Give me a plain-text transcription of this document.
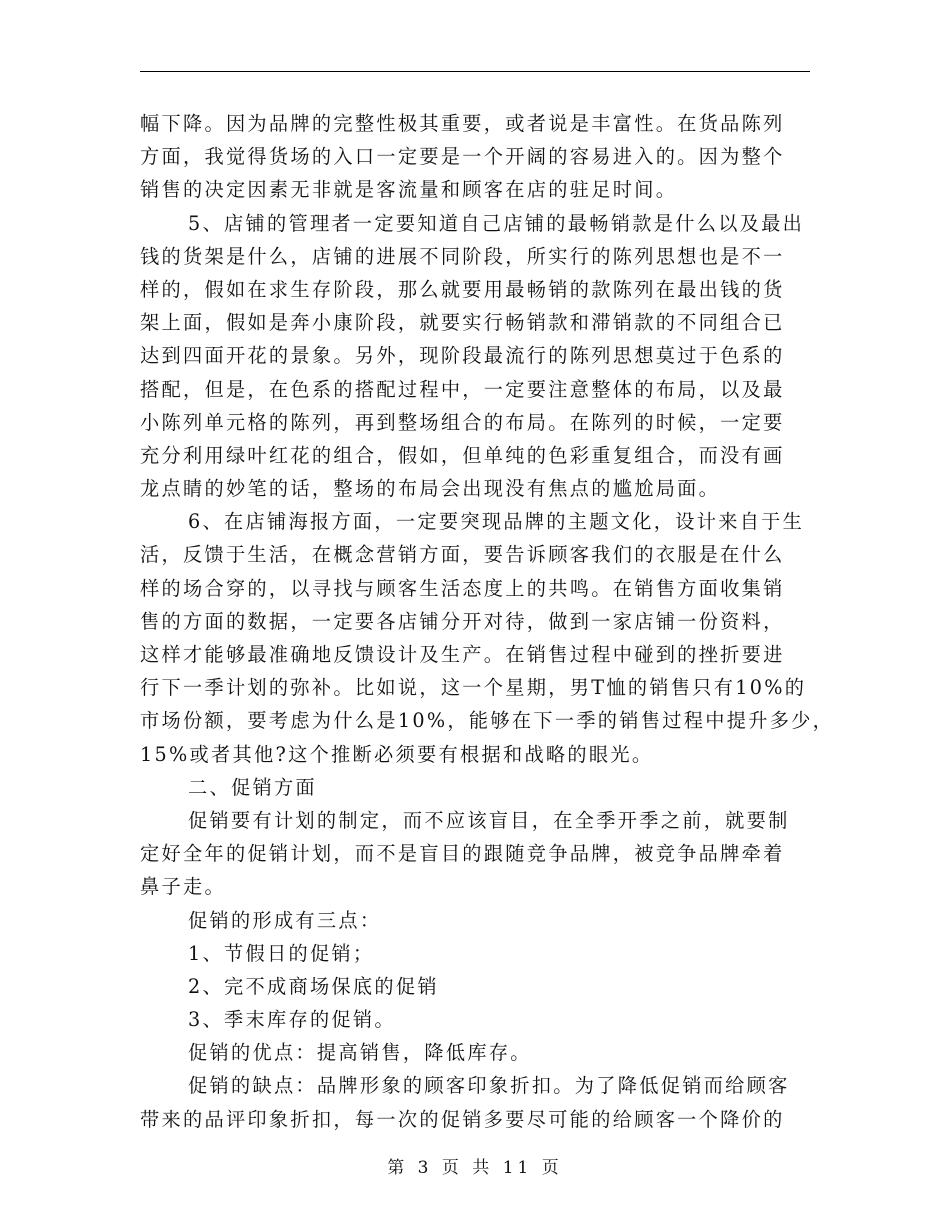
幅下降。因为品牌的完整性极其重要，或者说是丰富性。在货品陈列
方面，我觉得货场的入口一定要是一个开阔的容易进入的。因为整个
销售的决定因素无非就是客流量和顾客在店的驻足时间。
5、店铺的管理者一定要知道自己店铺的最畅销款是什么以及最出
钱的货架是什么，店铺的进展不同阶段，所实行的陈列思想也是不一
样的，假如在求生存阶段，那么就要用最畅销的款陈列在最出钱的货
架上面，假如是奔小康阶段，就要实行畅销款和滞销款的不同组合已
达到四面开花的景象。另外，现阶段最流行的陈列思想莫过于色系的
搭配，但是，在色系的搭配过程中，一定要注意整体的布局，以及最
小陈列单元格的陈列，再到整场组合的布局。在陈列的时候，一定要
充分利用绿叶红花的组合，假如，但单纯的色彩重复组合，而没有画
龙点睛的妙笔的话，整场的布局会出现没有焦点的尴尬局面。
6、在店铺海报方面，一定要突现品牌的主题文化，设计来自于生
活，反馈于生活，在概念营销方面，要告诉顾客我们的衣服是在什么
样的场合穿的，以寻找与顾客生活态度上的共鸣。在销售方面收集销
售的方面的数据，一定要各店铺分开对待，做到一家店铺一份资料，
这样才能够最准确地反馈设计及生产。在销售过程中碰到的挫折要进
行下一季计划的弥补。比如说，这一个星期，男T恤的销售只有10%的
市场份额，要考虑为什么是10%，能够在下一季的销售过程中提升多少，
15%或者其他?这个推断必须要有根据和战略的眼光。
二、促销方面
促销要有计划的制定，而不应该盲目，在全季开季之前，就要制
定好全年的促销计划，而不是盲目的跟随竞争品牌，被竞争品牌牵着
鼻子走。
促销的形成有三点：
1、节假日的促销；
2、完不成商场保底的促销
3、季末库存的促销。
促销的优点：提高销售，降低库存。
促销的缺点：品牌形象的顾客印象折扣。为了降低促销而给顾客
带来的品评印象折扣，每一次的促销多要尽可能的给顾客一个降价的
第 3 页 共 11 页
